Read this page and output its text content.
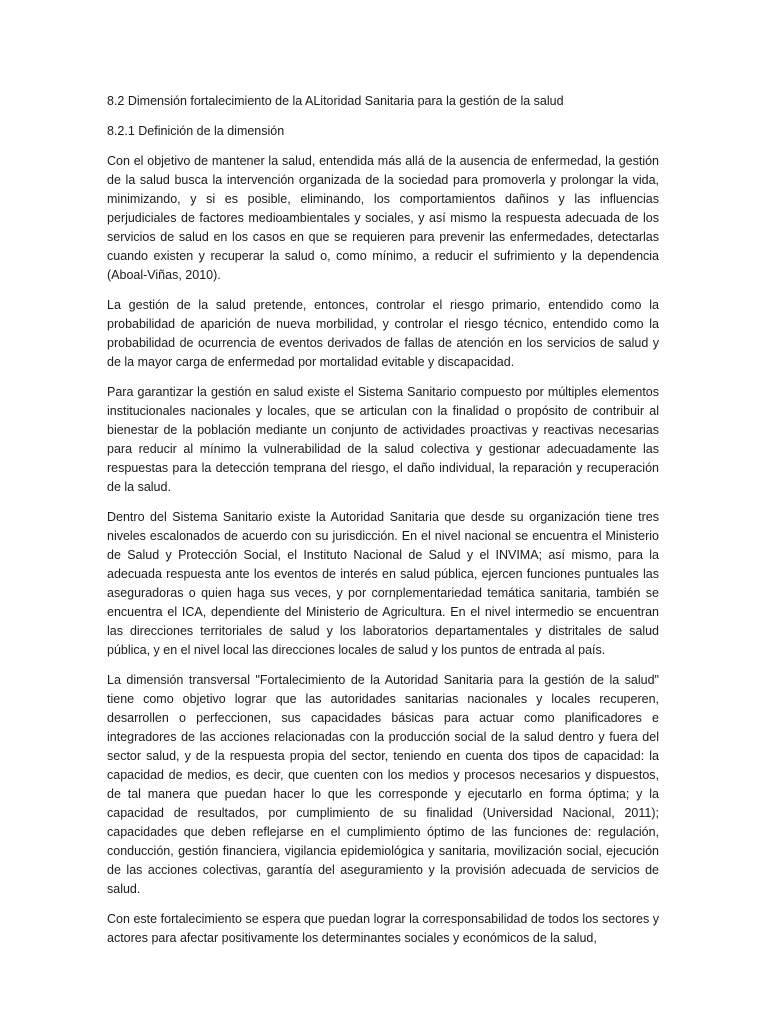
8.2 Dimensión fortalecimiento de la ALitoridad Sanitaria para la gestión de la salud
8.2.1 Definición de la dimensión

Con el objetivo de mantener la salud, entendida más allá de la ausencia de enfermedad, la gestión de la salud busca la intervención organizada de la sociedad para promoverla y prolongar la vida, minimizando, y si es posible, eliminando, los comportamientos dañinos y las influencias perjudiciales de factores medioambientales y sociales, y así mismo la respuesta adecuada de los servicios de salud en los casos en que se requieren para prevenir las enfermedades, detectarlas cuando existen y recuperar la salud o, como mínimo, a reducir el sufrimiento y la dependencia (Aboal-Viñas, 2010).

La gestión de la salud pretende, entonces, controlar el riesgo primario, entendido como la probabilidad de aparición de nueva morbilidad, y controlar el riesgo técnico, entendido como la probabilidad de ocurrencia de eventos derivados de fallas de atención en los servicios de salud y de la mayor carga de enfermedad por mortalidad evitable y discapacidad.

Para garantizar la gestión en salud existe el Sistema Sanitario compuesto por múltiples elementos institucionales nacionales y locales, que se articulan con la finalidad o propósito de contribuir al bienestar de la población mediante un conjunto de actividades proactivas y reactivas necesarias para reducir al mínimo la vulnerabilidad de la salud colectiva y gestionar adecuadamente las respuestas para la detección temprana del riesgo, el daño individual, la reparación y recuperación de la salud.

Dentro del Sistema Sanitario existe la Autoridad Sanitaria que desde su organización tiene tres niveles escalonados de acuerdo con su jurisdicción. En el nivel nacional se encuentra el Ministerio de Salud y Protección Social, el Instituto Nacional de Salud y el INVIMA; así mismo, para la adecuada respuesta ante los eventos de interés en salud pública, ejercen funciones puntuales las aseguradoras o quien haga sus veces, y por cornplementariedad temática sanitaria, también se encuentra el ICA, dependiente del Ministerio de Agricultura. En el nivel intermedio se encuentran las direcciones territoriales de salud y los laboratorios departamentales y distritales de salud pública, y en el nivel local las direcciones locales de salud y los puntos de entrada al país.

La dimensión transversal "Fortalecimiento de la Autoridad Sanitaria para la gestión de la salud" tiene como objetivo lograr que las autoridades sanitarias nacionales y locales recuperen, desarrollen o perfeccionen, sus capacidades básicas para actuar como planificadores e integradores de las acciones relacionadas con la producción social de la salud dentro y fuera del sector salud, y de la respuesta propia del sector, teniendo en cuenta dos tipos de capacidad: la capacidad de medios, es decir, que cuenten con los medios y procesos necesarios y dispuestos, de tal manera que puedan hacer lo que les corresponde y ejecutarlo en forma óptima; y la capacidad de resultados, por cumplimiento de su finalidad (Universidad Nacional, 2011); capacidades que deben reflejarse en el cumplimiento óptimo de las funciones de: regulación, conducción, gestión financiera, vigilancia epidemiológica y sanitaria, movilización social, ejecución de las acciones colectivas, garantía del aseguramiento y la provisión adecuada de servicios de salud.

Con este fortalecimiento se espera que puedan lograr la corresponsabilidad de todos los sectores y actores para afectar positivamente los determinantes sociales y económicos de la salud,
